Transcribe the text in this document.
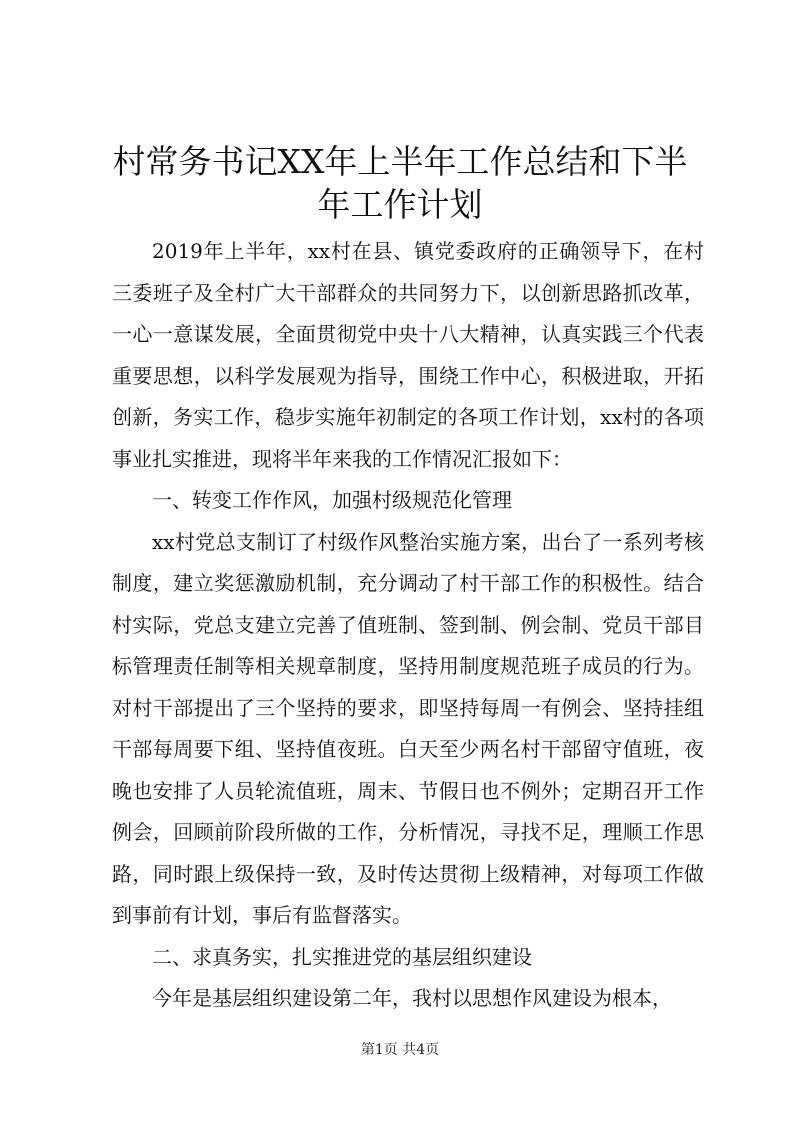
村常务书记XX年上半年工作总结和下半年工作计划

2019年上半年，xx村在县、镇党委政府的正确领导下，在村三委班子及全村广大干部群众的共同努力下，以创新思路抓改革，一心一意谋发展，全面贯彻党中央十八大精神，认真实践三个代表重要思想，以科学发展观为指导，围绕工作中心，积极进取，开拓创新，务实工作，稳步实施年初制定的各项工作计划，xx村的各项事业扎实推进，现将半年来我的工作情况汇报如下：

一、转变工作作风，加强村级规范化管理

xx村党总支制订了村级作风整治实施方案，出台了一系列考核制度，建立奖惩激励机制，充分调动了村干部工作的积极性。结合村实际，党总支建立完善了值班制、签到制、例会制、党员干部目标管理责任制等相关规章制度，坚持用制度规范班子成员的行为。对村干部提出了三个坚持的要求，即坚持每周一有例会、坚持挂组干部每周要下组、坚持值夜班。白天至少两名村干部留守值班，夜晚也安排了人员轮流值班，周末、节假日也不例外；定期召开工作例会，回顾前阶段所做的工作，分析情况，寻找不足，理顺工作思路，同时跟上级保持一致，及时传达贯彻上级精神，对每项工作做到事前有计划，事后有监督落实。

二、求真务实，扎实推进党的基层组织建设

今年是基层组织建设第二年，我村以思想作风建设为根本，

第1页 共4页
